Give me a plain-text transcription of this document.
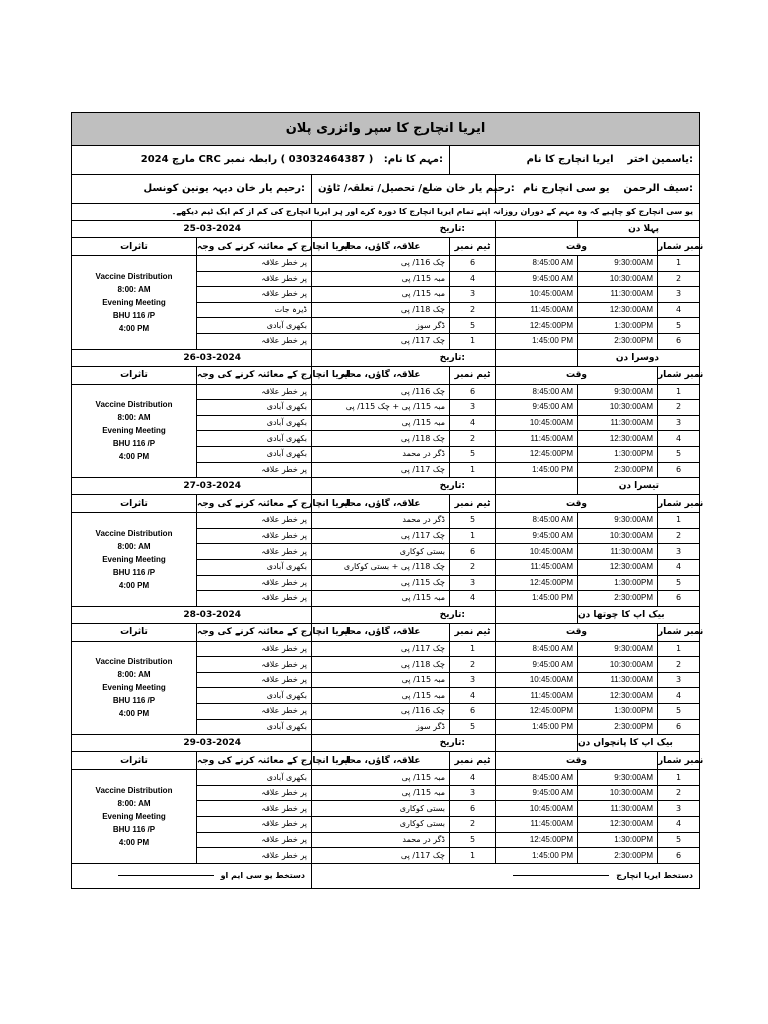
ایریا انچارج کا سپر وائزری پلان						
مارچ 2024 CRC مہم کا نام:   ( 03032464387 ) رابطہ نمبر:			یاسمین اختر    ایریا انچارج کا نام:			
رحیم یار خان دیہہ یونین کونسل:		رحیم یار خان ضلع/ تحصیل/ تعلقہ/ ٹاؤن:		سیف الرحمن    یو سی انچارج نام:		
یو سی انچارج کو چاہیے کہ وہ مہم کے دوران روزانہ اپنے تمام ایریا انچارج کا دورہ کرے اور ہر ایریا انچارج کی کم از کم ایک ٹیم دیکھے۔						
25-03-2024		تاریخ:			پہلا دن	
تاثرات	ایریا انچارج کے معائنہ کرنے کی وجہ	علاقہ، گاؤں، محلہ	ٹیم نمبر	وقت		نمبر شمار

Vaccine Distribution
8:00: AM
Evening Meeting
BHU 116 /P
4:00 PM	پر خطر علاقہ	چک 116/ پی	6	8:45:00 AM	9:30:00AM	1
	پر خطر علاقہ	مبہ 115/ پی	4	9:45:00 AM	10:30:00AM	2
	پر خطر علاقہ	مبہ 115/ پی	3	10:45:00AM	11:30:00AM	3
	ڈیرہ جات	چک 118/ پی	2	11:45:00AM	12:30:00AM	4
	بکھری آبادی	ڈگر سوز	5	12:45:00PM	1:30:00PM	5
	پر خطر علاقہ	چک 117/ پی	1	1:45:00 PM	2:30:00PM	6
26-03-2024		تاریخ:			دوسرا دن	
تاثرات	ایریا انچارج کے معائنہ کرنے کی وجہ	علاقہ، گاؤں، محلہ	ٹیم نمبر	وقت		نمبر شمار

Vaccine Distribution
8:00: AM
Evening Meeting
BHU 116 /P
4:00 PM	پر خطر علاقہ	چک 116/ پی	6	8:45:00 AM	9:30:00AM	1
	بکھری آبادی	مبہ 115/ پی + چک 115/ پی	3	9:45:00 AM	10:30:00AM	2
	بکھری آبادی	مبہ 115/ پی	4	10:45:00AM	11:30:00AM	3
	بکھری آبادی	چک 118/ پی	2	11:45:00AM	12:30:00AM	4
	بکھری آبادی	ڈگر در محمد	5	12:45:00PM	1:30:00PM	5
	پر خطر علاقہ	چک 117/ پی	1	1:45:00 PM	2:30:00PM	6
27-03-2024		تاریخ:			تیسرا دن	
تاثرات	ایریا انچارج کے معائنہ کرنے کی وجہ	علاقہ، گاؤں، محلہ	ٹیم نمبر	وقت		نمبر شمار

Vaccine Distribution
8:00: AM
Evening Meeting
BHU 116 /P
4:00 PM	پر خطر علاقہ	ڈگر در محمد	5	8:45:00 AM	9:30:00AM	1
	پر خطر علاقہ	چک 117/ پی	1	9:45:00 AM	10:30:00AM	2
	پر خطر علاقہ	بستی کوکاری	6	10:45:00AM	11:30:00AM	3
	بکھری آبادی	چک 118/ پی + بستی کوکاری	2	11:45:00AM	12:30:00AM	4
	پر خطر علاقہ	چک 115/ پی	3	12:45:00PM	1:30:00PM	5
	پر خطر علاقہ	مبہ 115/ پی	4	1:45:00 PM	2:30:00PM	6
28-03-2024		تاریخ:			بیک اپ کا چوتھا دن	
تاثرات	ایریا انچارج کے معائنہ کرنے کی وجہ	علاقہ، گاؤں، محلہ	ٹیم نمبر	وقت		نمبر شمار

Vaccine Distribution
8:00: AM
Evening Meeting
BHU 116 /P
4:00 PM	پر خطر علاقہ	چک 117/ پی	1	8:45:00 AM	9:30:00AM	1
	پر خطر علاقہ	چک 118/ پی	2	9:45:00 AM	10:30:00AM	2
	پر خطر علاقہ	مبہ 115/ پی	3	10:45:00AM	11:30:00AM	3
	بکھری آبادی	مبہ 115/ پی	4	11:45:00AM	12:30:00AM	4
	پر خطر علاقہ	چک 116/ پی	6	12:45:00PM	1:30:00PM	5
	بکھری آبادی	ڈگر سوز	5	1:45:00 PM	2:30:00PM	6
29-03-2024		تاریخ:			بیک اپ کا پانچواں دن	
تاثرات	ایریا انچارج کے معائنہ کرنے کی وجہ	علاقہ، گاؤں، محلہ	ٹیم نمبر	وقت		نمبر شمار

Vaccine Distribution
8:00: AM
Evening Meeting
BHU 116 /P
4:00 PM	بکھری آبادی	مبہ 115/ پی	4	8:45:00 AM	9:30:00AM	1
	پر خطر علاقہ	مبہ 115/ پی	3	9:45:00 AM	10:30:00AM	2
	پر خطر علاقہ	بستی کوکاری	6	10:45:00AM	11:30:00AM	3
	پر خطر علاقہ	بستی کوکاری	2	11:45:00AM	12:30:00AM	4
	پر خطر علاقہ	ڈگر در محمد	5	12:45:00PM	1:30:00PM	5
	پر خطر علاقہ	چک 117/ پی	1	1:45:00 PM	2:30:00PM	6
دستخط یو سی ایم او		دستخط ایریا انچارج				
